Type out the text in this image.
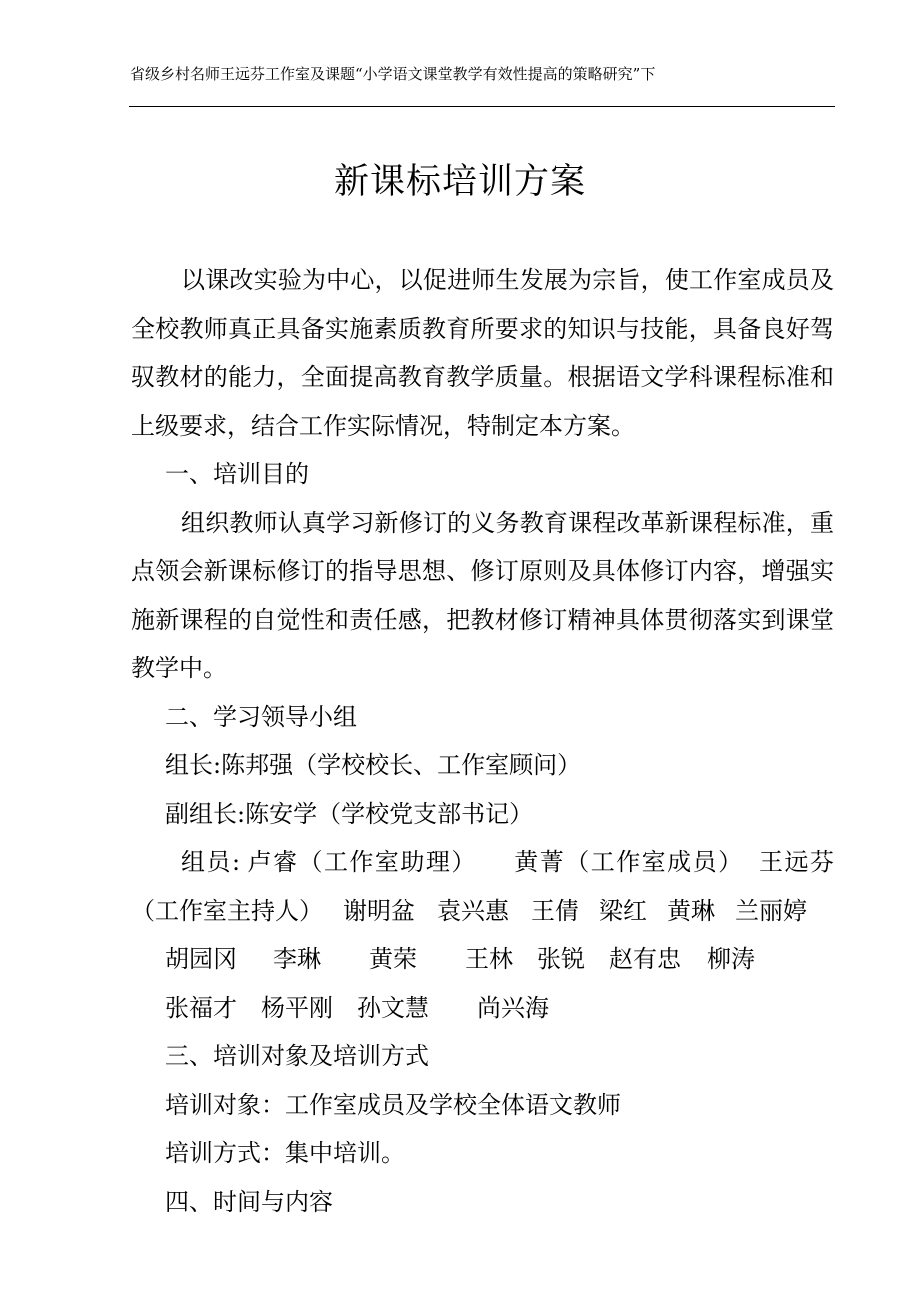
省级乡村名师王远芬工作室及课题“小学语文课堂教学有效性提高的策略研究”下
新课标培训方案

以课改实验为中心，以促进师生发展为宗旨，使工作室成员及全校教师真正具备实施素质教育所要求的知识与技能，具备良好驾驭教材的能力，全面提高教育教学质量。根据语文学科课程标准和上级要求，结合工作实际情况，特制定本方案。

一、培训目的

组织教师认真学习新修订的义务教育课程改革新课程标准，重点领会新课标修订的指导思想、修订原则及具体修订内容，增强实施新课程的自觉性和责任感，把教材修订精神具体贯彻落实到课堂教学中。

二、学习领导小组

组长:陈邦强（学校校长、工作室顾问）

副组长:陈安学（学校党支部书记）

组员: 卢睿（工作室助理） 黄菁（工作室成员） 王远芬（工作室主持人） 谢明盆 袁兴惠 王倩 梁红 黄琳 兰丽婷

胡园冈 李琳 黄荣 王林 张锐 赵有忠 柳涛

张福才 杨平刚 孙文慧 尚兴海

三、培训对象及培训方式

培训对象：工作室成员及学校全体语文教师

培训方式：集中培训。

四、时间与内容
